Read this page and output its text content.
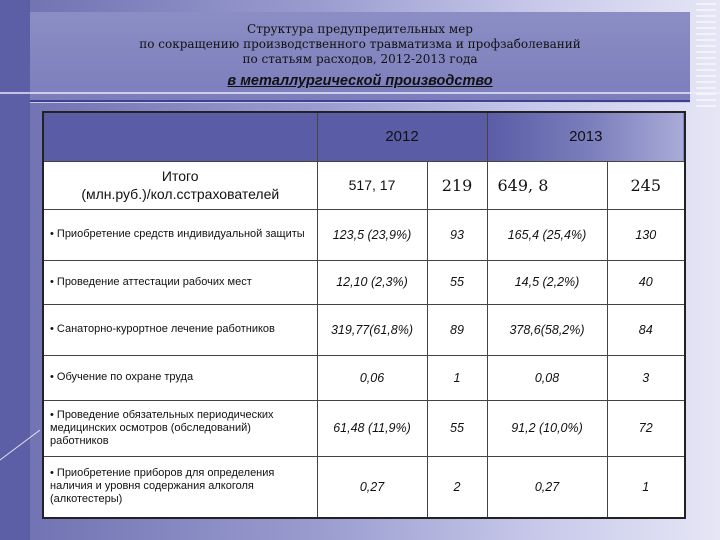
Структура предупредительных мер
по сокращению производственного травматизма и профзаболеваний
по статьям расходов, 2012-2013 года
в металлургической производство
	2012		2013	

Итого
(млн.руб.)/кол.сстрахователей	517, 17	219	649, 8	245
• Приобретение средств индивидуальной защиты	123,5 (23,9%)	93	165,4 (25,4%)	130
• Проведение аттестации рабочих мест	12,10 (2,3%)	55	14,5 (2,2%)	40
• Санаторно-курортное лечение работников	319,77(61,8%)	89	378,6(58,2%)	84
• Обучение по охране труда	0,06	1	0,08	3
• Проведение обязательных периодических медицинских осмотров (обследований) работников	61,48 (11,9%)	55	91,2 (10,0%)	72
• Приобретение приборов для определения наличия и уровня содержания алкоголя (алкотестеры)	0,27	2	0,27	1
